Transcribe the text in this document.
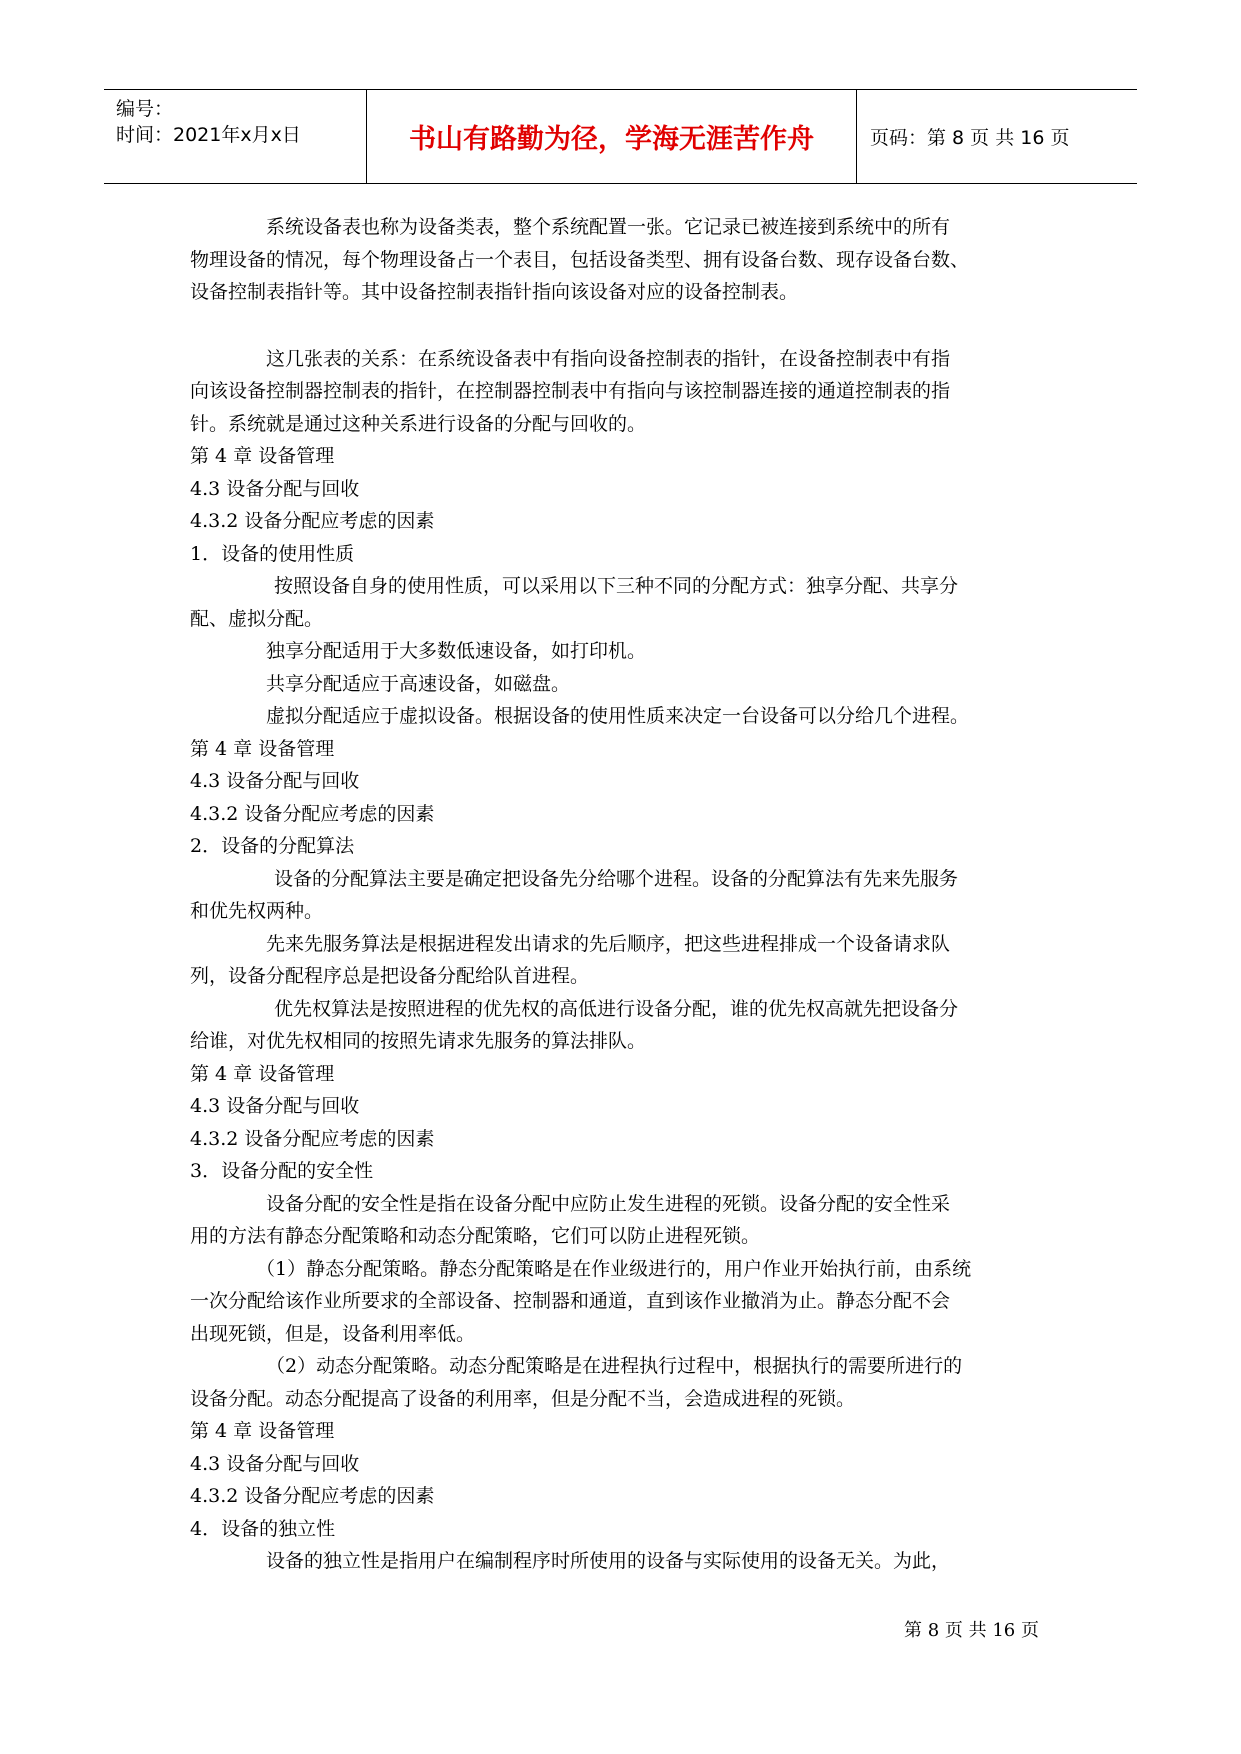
编号：
时间：2021年x月x日	书山有路勤为径，学海无涯苦作舟	页码：第 8 页 共 16 页
系统设备表也称为设备类表，整个系统配置一张。它记录已被连接到系统中的所有
物理设备的情况，每个物理设备占一个表目，包括设备类型、拥有设备台数、现存设备台数、
设备控制表指针等。其中设备控制表指针指向该设备对应的设备控制表。
这几张表的关系：在系统设备表中有指向设备控制表的指针，在设备控制表中有指
向该设备控制器控制表的指针，在控制器控制表中有指向与该控制器连接的通道控制表的指
针。系统就是通过这种关系进行设备的分配与回收的。
第 4 章 设备管理
4.3 设备分配与回收
4.3.2 设备分配应考虑的因素
1．设备的使用性质
按照设备自身的使用性质，可以采用以下三种不同的分配方式：独享分配、共享分
配、虚拟分配。
独享分配适用于大多数低速设备，如打印机。
共享分配适应于高速设备，如磁盘。
虚拟分配适应于虚拟设备。根据设备的使用性质来决定一台设备可以分给几个进程。
第 4 章 设备管理
4.3 设备分配与回收
4.3.2 设备分配应考虑的因素
2．设备的分配算法
设备的分配算法主要是确定把设备先分给哪个进程。设备的分配算法有先来先服务
和优先权两种。
先来先服务算法是根据进程发出请求的先后顺序，把这些进程排成一个设备请求队
列，设备分配程序总是把设备分配给队首进程。
优先权算法是按照进程的优先权的高低进行设备分配，谁的优先权高就先把设备分
给谁，对优先权相同的按照先请求先服务的算法排队。
第 4 章 设备管理
4.3 设备分配与回收
4.3.2 设备分配应考虑的因素
3．设备分配的安全性
设备分配的安全性是指在设备分配中应防止发生进程的死锁。设备分配的安全性采
用的方法有静态分配策略和动态分配策略，它们可以防止进程死锁。
（1）静态分配策略。静态分配策略是在作业级进行的，用户作业开始执行前，由系统
一次分配给该作业所要求的全部设备、控制器和通道，直到该作业撤消为止。静态分配不会
出现死锁，但是，设备利用率低。
（2）动态分配策略。动态分配策略是在进程执行过程中，根据执行的需要所进行的
设备分配。动态分配提高了设备的利用率，但是分配不当，会造成进程的死锁。
第 4 章 设备管理
4.3 设备分配与回收
4.3.2 设备分配应考虑的因素
4．设备的独立性
设备的独立性是指用户在编制程序时所使用的设备与实际使用的设备无关。为此，
第 8 页 共 16 页
